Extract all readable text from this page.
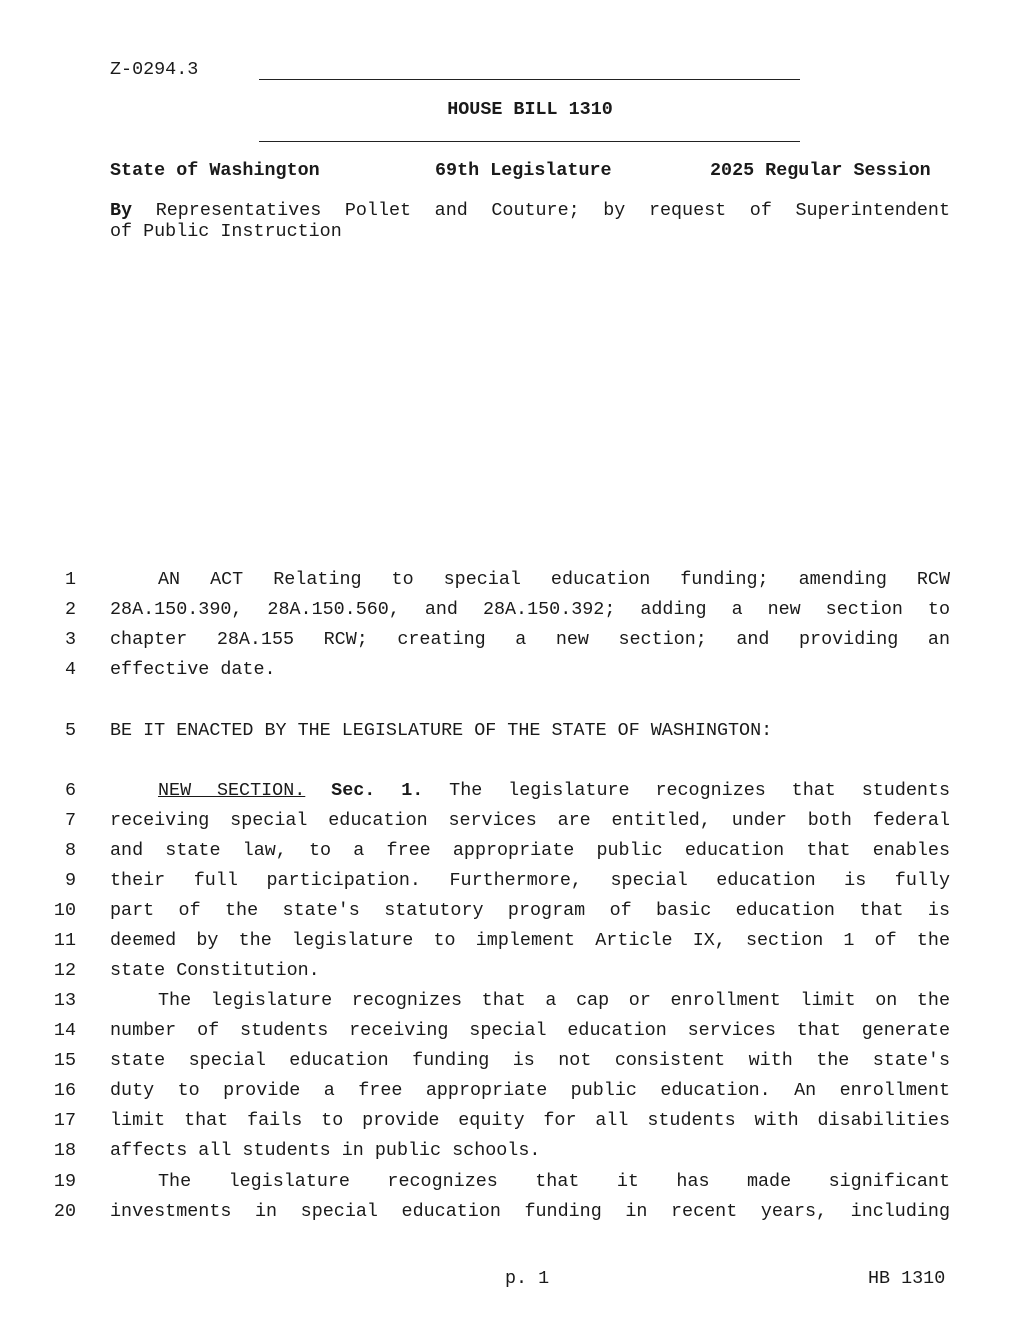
Z-0294.3
HOUSE BILL 1310
State of Washington	69th Legislature	2025 Regular Session
By Representatives Pollet and Couture; by request of Superintendent
of Public Instruction
1	AN ACT Relating to special education funding; amending RCW
2 28A.150.390, 28A.150.560, and 28A.150.392; adding a new section to
3 chapter 28A.155 RCW; creating a new section; and providing an
4 effective date.
5 BE IT ENACTED BY THE LEGISLATURE OF THE STATE OF WASHINGTON:
6	NEW SECTION. Sec. 1. The legislature recognizes that students
7 receiving special education services are entitled, under both federal
8 and state law, to a free appropriate public education that enables
9 their full participation. Furthermore, special education is fully
10 part of the state's statutory program of basic education that is
11 deemed by the legislature to implement Article IX, section 1 of the
12 state Constitution.
13	The legislature recognizes that a cap or enrollment limit on the
14 number of students receiving special education services that generate
15 state special education funding is not consistent with the state's
16 duty to provide a free appropriate public education. An enrollment
17 limit that fails to provide equity for all students with disabilities
18 affects all students in public schools.
19	The legislature recognizes that it has made significant
20 investments in special education funding in recent years, including
p. 1	HB 1310
